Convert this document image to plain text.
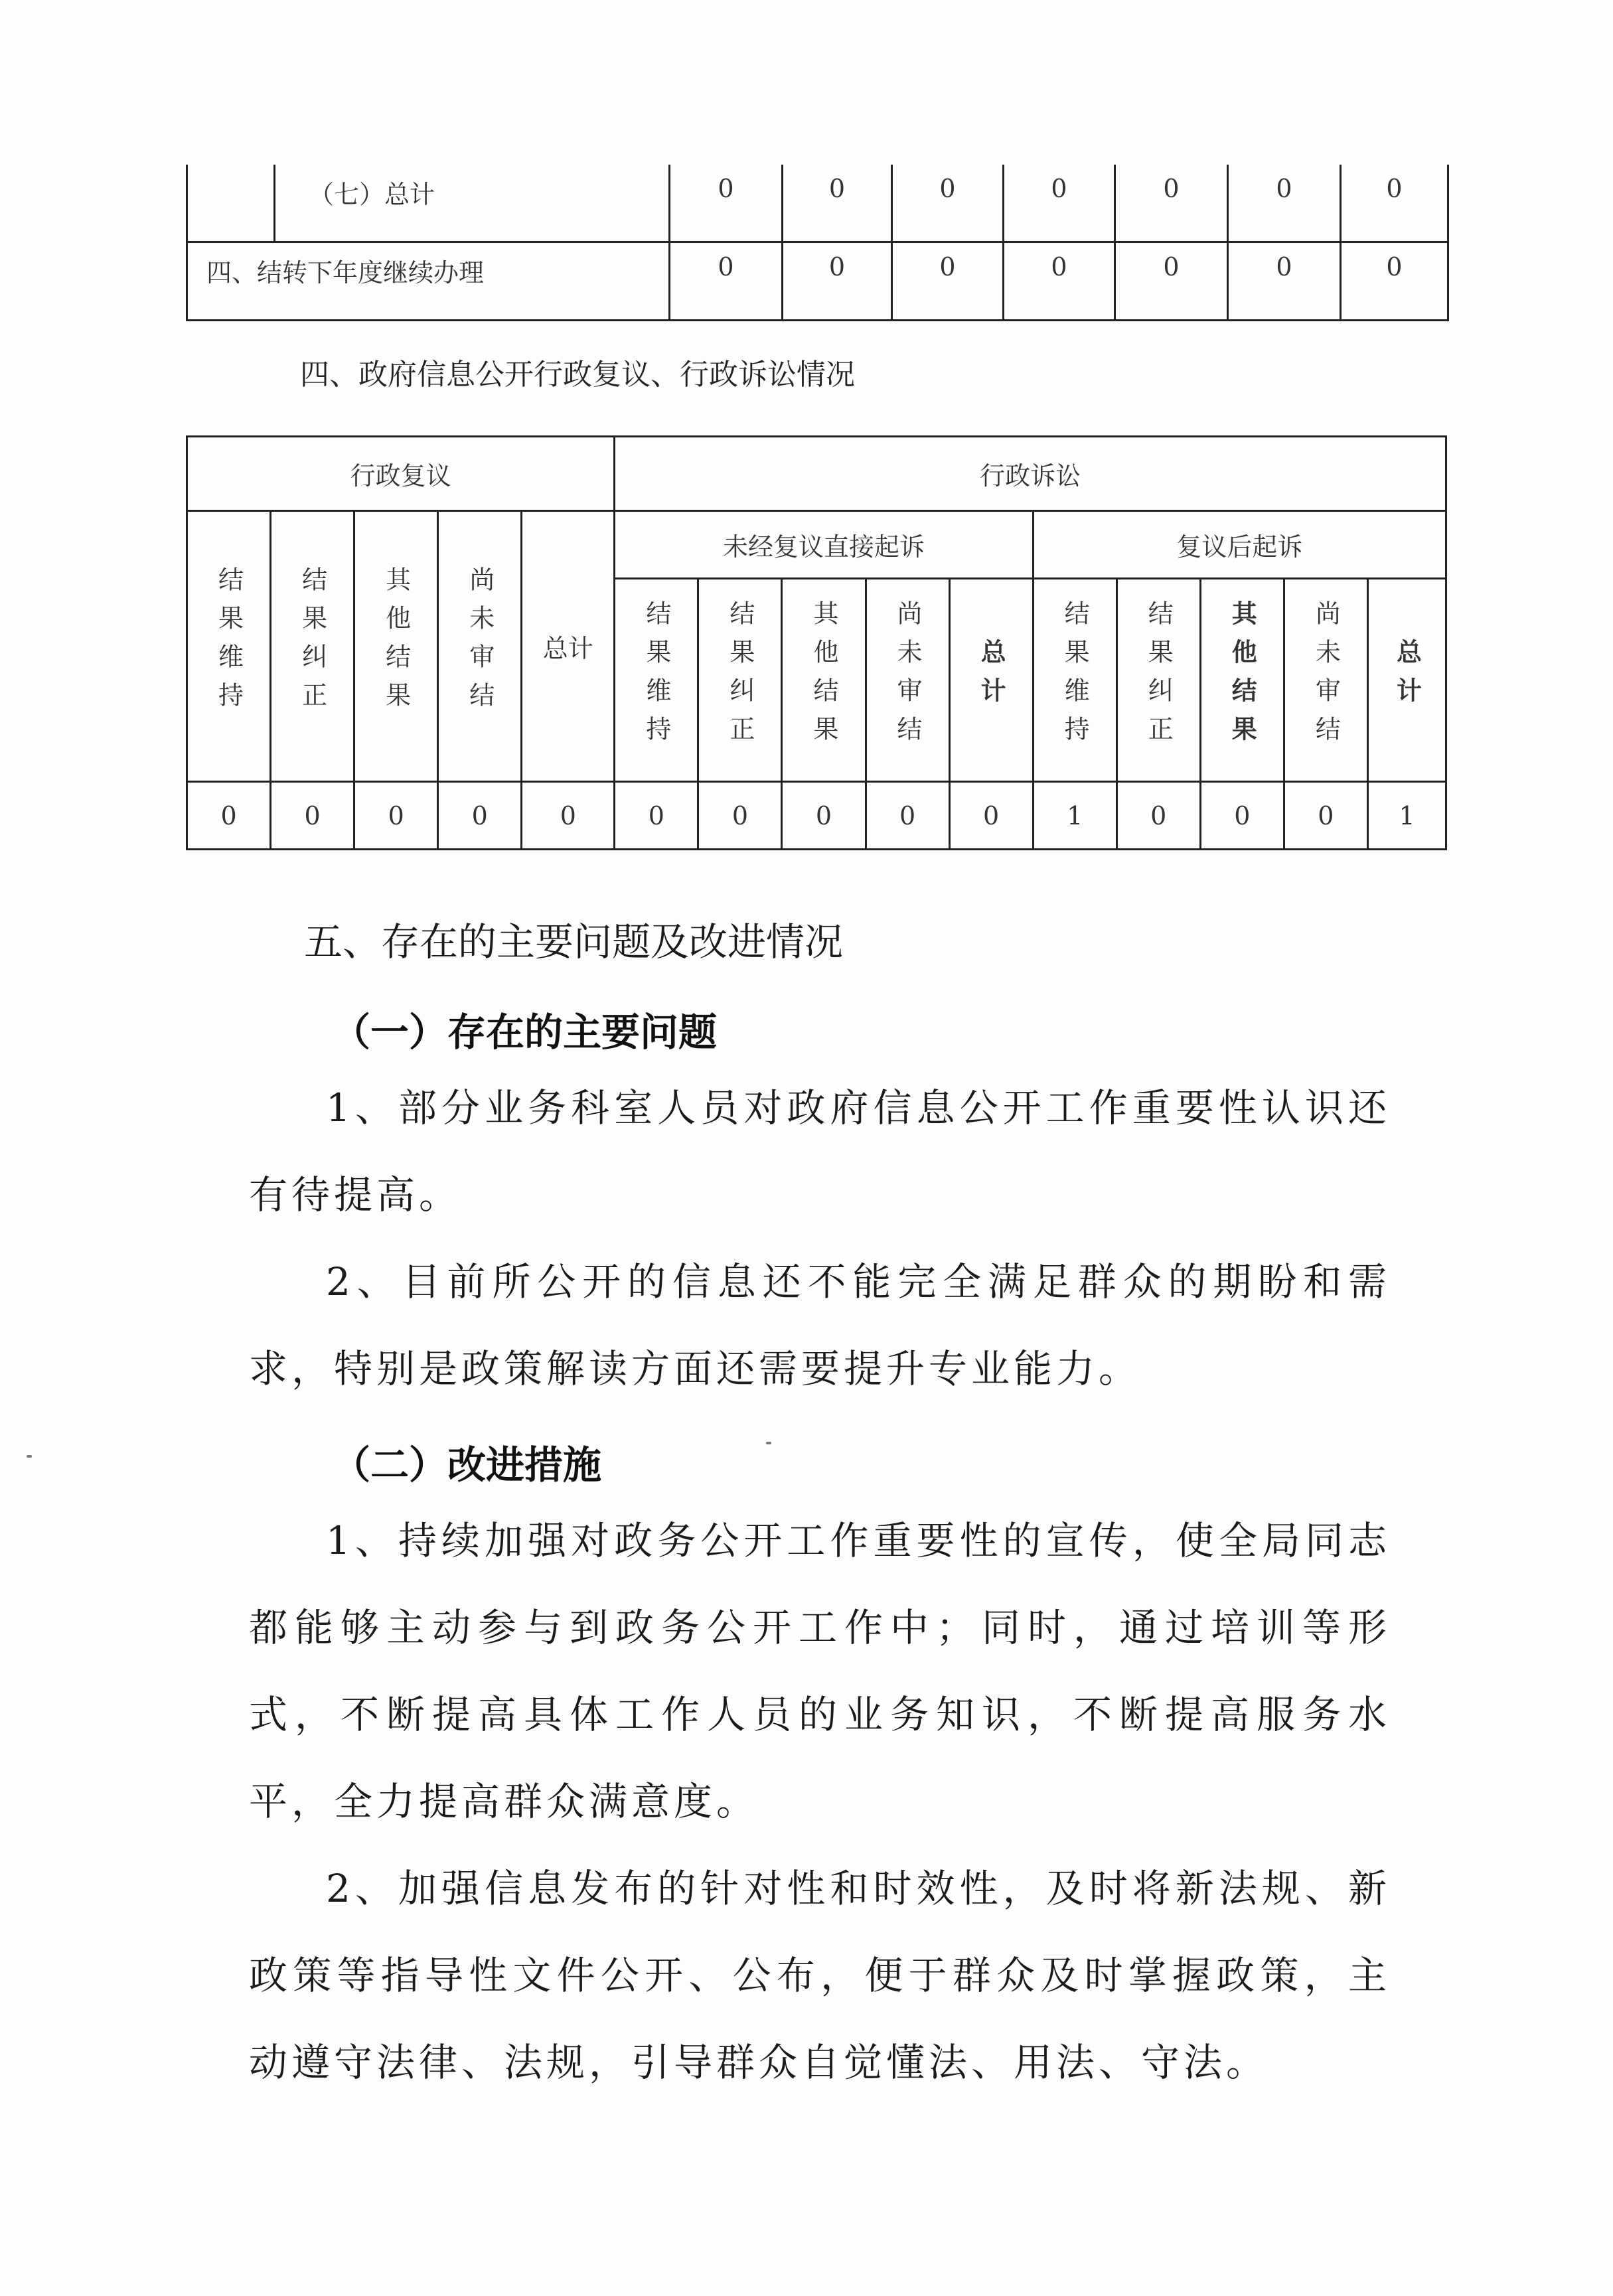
	（七）总计	0	0	0	0	0	0	0
四、结转下年度继续办理		0	0	0	0	0	0	0
四、政府信息公开行政复议、行政诉讼情况
行政复议					行政诉讼									
结果维持	结果纠正	其他结果	尚未审结	总计	未经复议直接起诉					复议后起诉				
					结果维持	结果纠正	其他结果	尚未审结	总计	结果维持	结果纠正	其他结果	尚未审结	总计
0	0	0	0	0	0	0	0	0	0	1	0	0	0	1
五、存在的主要问题及改进情况
（一）存在的主要问题

1、部分业务科室人员对政府信息公开工作重要性认识还有待提高。

2、目前所公开的信息还不能完全满足群众的期盼和需求，特别是政策解读方面还需要提升专业能力。

（二）改进措施

1、持续加强对政务公开工作重要性的宣传，使全局同志都能够主动参与到政务公开工作中；同时，通过培训等形式，不断提高具体工作人员的业务知识，不断提高服务水平，全力提高群众满意度。

2、加强信息发布的针对性和时效性，及时将新法规、新政策等指导性文件公开、公布，便于群众及时掌握政策，主动遵守法律、法规，引导群众自觉懂法、用法、守法。
